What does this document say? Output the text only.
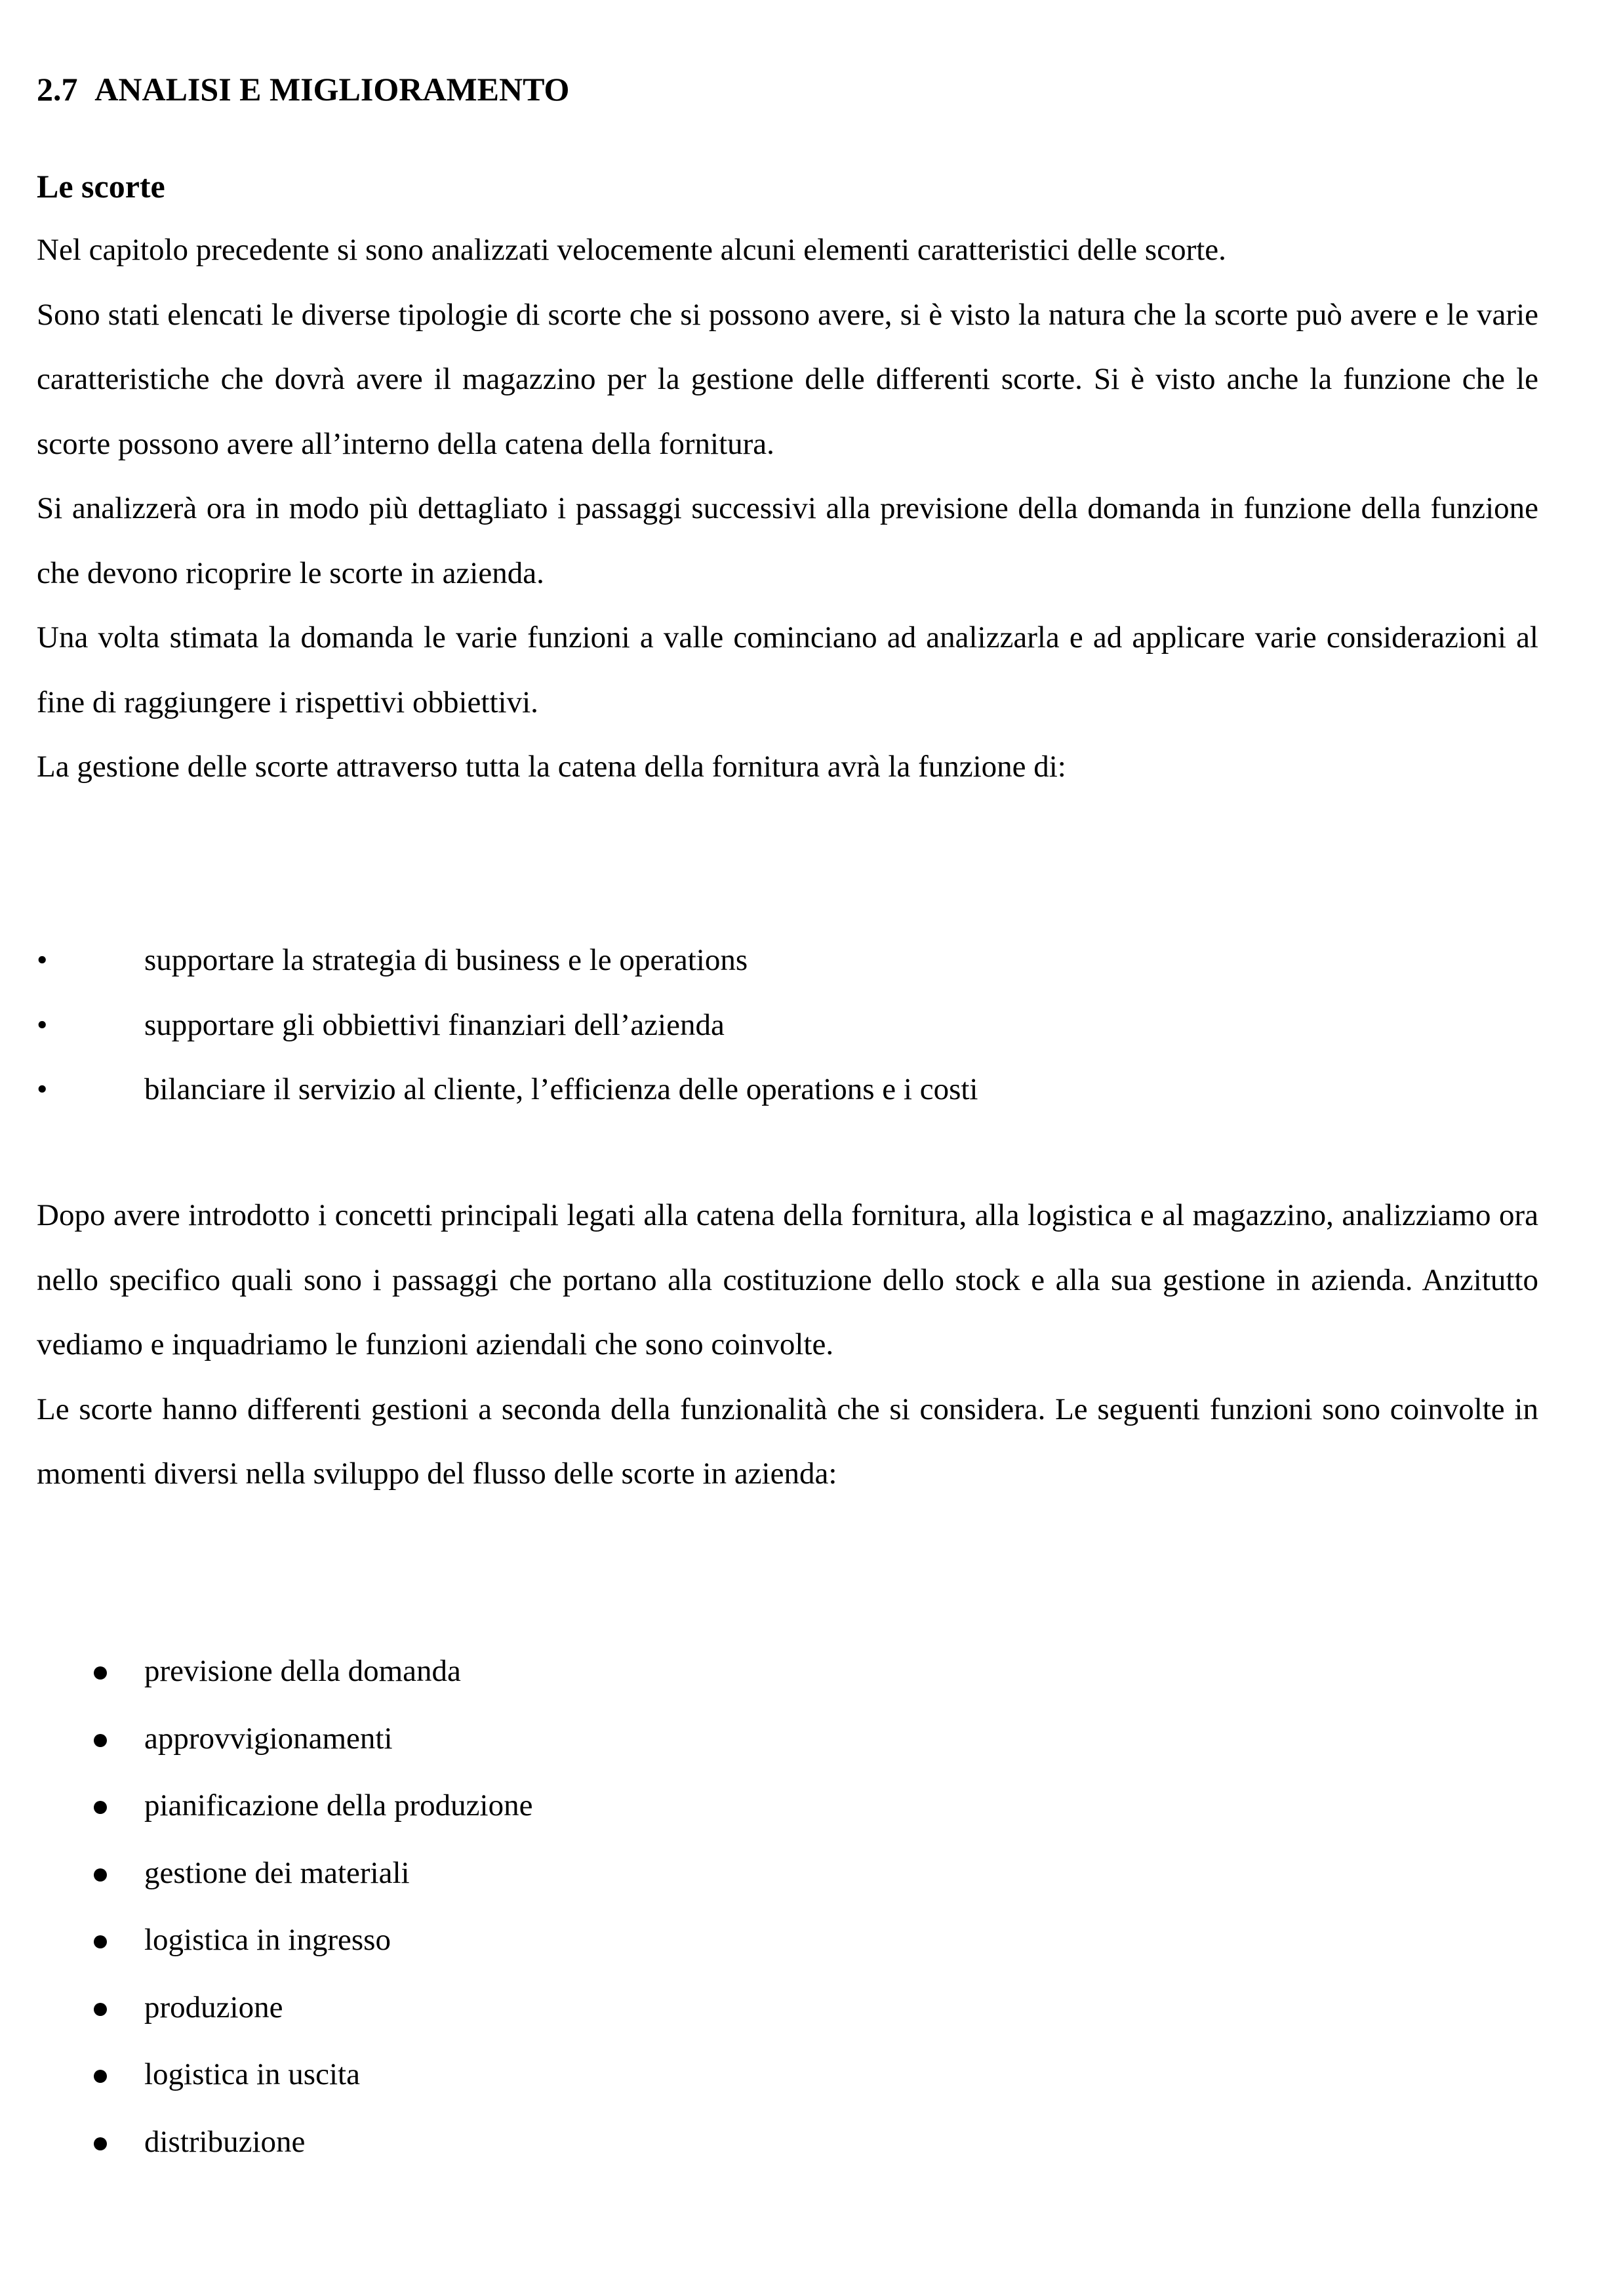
2.7 ANALISI E MIGLIORAMENTO
Le scorte

Nel capitolo precedente si sono analizzati velocemente alcuni elementi caratteristici delle scorte.

Sono stati elencati le diverse tipologie di scorte che si possono avere, si è visto la natura che la scorte può avere e le varie caratteristiche che dovrà avere il magazzino per la gestione delle differenti scorte. Si è visto anche la funzione che le scorte possono avere all’interno della catena della fornitura.

Si analizzerà ora in modo più dettagliato i passaggi successivi alla previsione della domanda in funzione della funzione che devono ricoprire le scorte in azienda.

Una volta stimata la domanda le varie funzioni a valle cominciano ad analizzarla e ad applicare varie considerazioni al fine di raggiungere i rispettivi obbiettivi.

La gestione delle scorte attraverso tutta la catena della fornitura avrà la funzione di:

•	supportare la strategia di business e le operations
•	supportare gli obbiettivi finanziari dell’azienda
•	bilanciare il servizio al cliente, l’efficienza delle operations e i costi

Dopo avere introdotto i concetti principali legati alla catena della fornitura, alla logistica e al magazzino, analizziamo ora nello specifico quali sono i passaggi che portano alla costituzione dello stock e alla sua gestione in azienda. Anzitutto vediamo e inquadriamo le funzioni aziendali che sono coinvolte.

Le scorte hanno differenti gestioni a seconda della funzionalità che si considera. Le seguenti funzioni sono coinvolte in momenti diversi nella sviluppo del flusso delle scorte in azienda:

previsione della domanda
approvvigionamenti
pianificazione della produzione
gestione dei materiali
logistica in ingresso
produzione
logistica in uscita
distribuzione
